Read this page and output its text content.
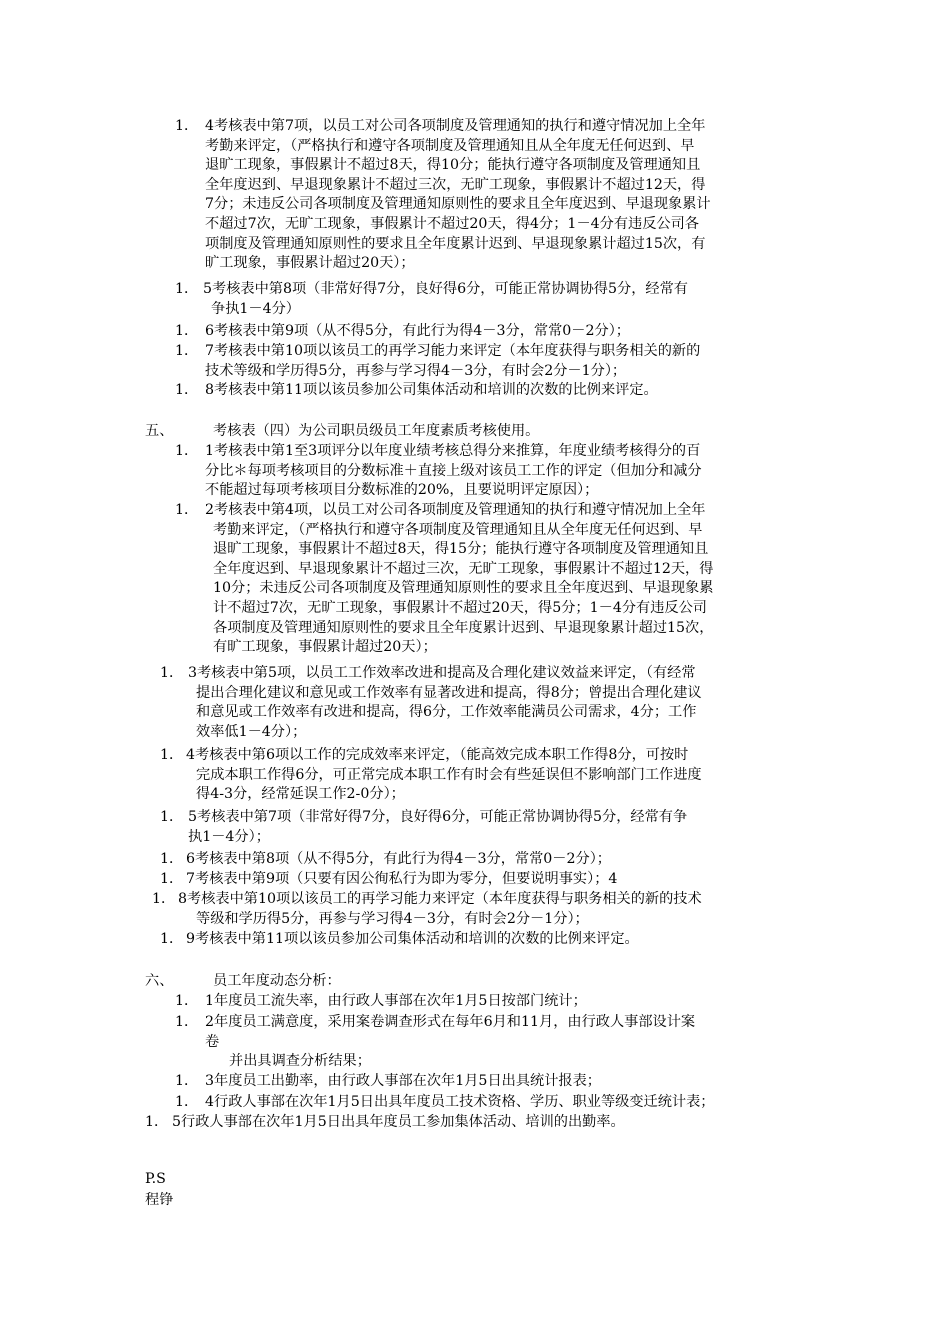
1． 4考核表中第7项，以员工对公司各项制度及管理通知的执行和遵守情况加上全年
考勤来评定，（严格执行和遵守各项制度及管理通知且从全年度无任何迟到、早
退旷工现象，事假累计不超过8天，得10分；能执行遵守各项制度及管理通知且
全年度迟到、早退现象累计不超过三次，无旷工现象，事假累计不超过12天，得
7分；未违反公司各项制度及管理通知原则性的要求且全年度迟到、早退现象累计
不超过7次，无旷工现象，事假累计不超过20天，得4分；1－4分有违反公司各
项制度及管理通知原则性的要求且全年度累计迟到、早退现象累计超过15次，有
旷工现象，事假累计超过20天）；
1． 5考核表中第8项（非常好得7分，良好得6分，可能正常协调协得5分，经常有
争执1－4分）
1． 6考核表中第9项（从不得5分，有此行为得4－3分，常常0－2分）；
1． 7考核表中第10项以该员工的再学习能力来评定（本年度获得与职务相关的新的
技术等级和学历得5分，再参与学习得4－3分，有时会2分－1分）；
1． 8考核表中第11项以该员参加公司集体活动和培训的次数的比例来评定。
五、	考核表（四）为公司职员级员工年度素质考核使用。
1． 1考核表中第1至3项评分以年度业绩考核总得分来推算，年度业绩考核得分的百
分比＊每项考核项目的分数标准＋直接上级对该员工工作的评定（但加分和减分
不能超过每项考核项目分数标准的20%，且要说明评定原因）；
1． 2考核表中第4项，以员工对公司各项制度及管理通知的执行和遵守情况加上全年
考勤来评定，（严格执行和遵守各项制度及管理通知且从全年度无任何迟到、早
退旷工现象，事假累计不超过8天，得15分；能执行遵守各项制度及管理通知且
全年度迟到、早退现象累计不超过三次，无旷工现象，事假累计不超过12天，得
10分；未违反公司各项制度及管理通知原则性的要求且全年度迟到、早退现象累
计不超过7次，无旷工现象，事假累计不超过20天，得5分；1－4分有违反公司
各项制度及管理通知原则性的要求且全年度累计迟到、早退现象累计超过15次，
有旷工现象，事假累计超过20天）；
1． 3考核表中第5项，以员工工作效率改进和提高及合理化建议效益来评定，（有经常
提出合理化建议和意见或工作效率有显著改进和提高，得8分；曾提出合理化建议
和意见或工作效率有改进和提高，得6分，工作效率能满员公司需求，4分；工作
效率低1－4分）；
1． 4考核表中第6项以工作的完成效率来评定，（能高效完成本职工作得8分，可按时
完成本职工作得6分，可正常完成本职工作有时会有些延误但不影响部门工作进度
得4-3分，经常延误工作2-0分）；
1． 5考核表中第7项（非常好得7分，良好得6分，可能正常协调协得5分，经常有争
执1－4分）；
1． 6考核表中第8项（从不得5分，有此行为得4－3分，常常0－2分）；
1． 7考核表中第9项（只要有因公徇私行为即为零分，但要说明事实）；4
1． 8考核表中第10项以该员工的再学习能力来评定（本年度获得与职务相关的新的技术
等级和学历得5分，再参与学习得4－3分，有时会2分－1分）；
1． 9考核表中第11项以该员参加公司集体活动和培训的次数的比例来评定。
六、	员工年度动态分析：
1． 1年度员工流失率，由行政人事部在次年1月5日按部门统计；
1． 2年度员工满意度，采用案卷调查形式在每年6月和11月，由行政人事部设计案
卷
并出具调查分析结果；
1． 3年度员工出勤率，由行政人事部在次年1月5日出具统计报表；
1． 4行政人事部在次年1月5日出具年度员工技术资格、学历、职业等级变迁统计表；
1． 5行政人事部在次年1月5日出具年度员工参加集体活动、培训的出勤率。
P.S
程铮
